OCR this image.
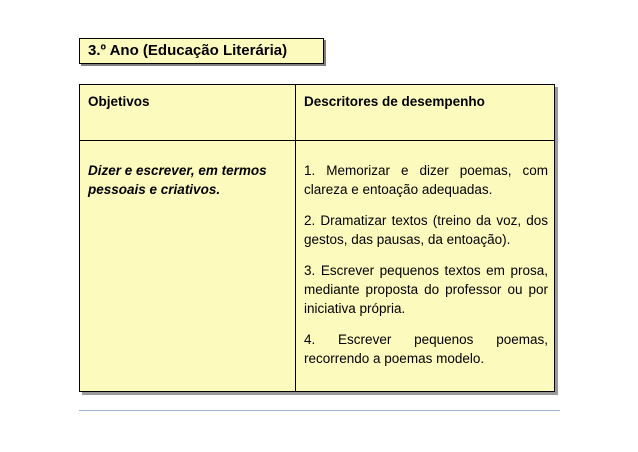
3.º Ano (Educação Literária)
Objetivos	Descritores de desempenho
Dizer e escrever, em termos pessoais e criativos.	1. Memorizar e dizer poemas, com clareza e entoação adequadas.
2. Dramatizar textos (treino da voz, dos gestos, das pausas, da entoação).
3. Escrever pequenos textos em prosa, mediante proposta do professor ou por iniciativa própria.
4. Escrever pequenos poemas, recorrendo a poemas modelo.
